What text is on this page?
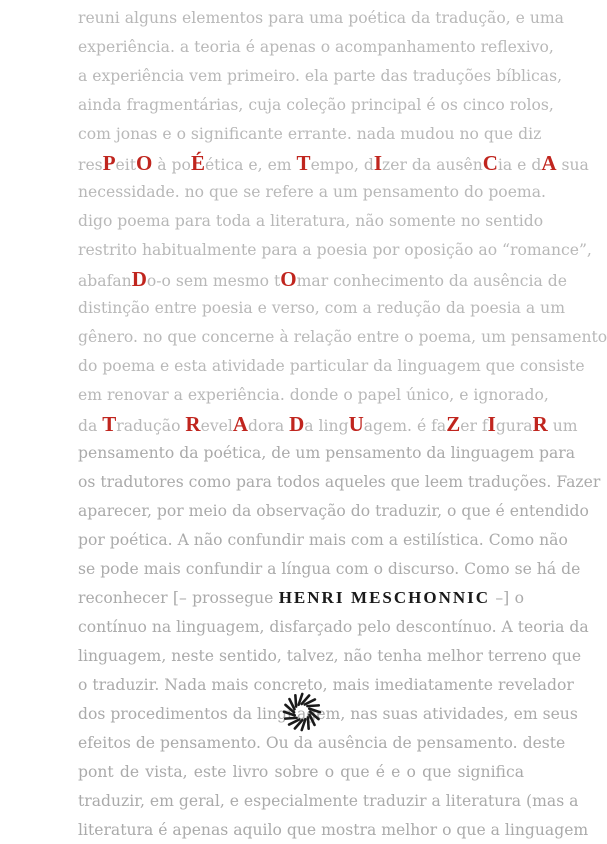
reuni alguns elementos para uma poética da tradução, e uma
experiência. a teoria é apenas o acompanhamento reflexivo,
a experiência vem primeiro. ela parte das traduções bíblicas,
ainda fragmentárias, cuja coleção principal é os cinco rolos,
com jonas e o significante errante. nada mudou no que diz
resPeitO à poÉética e, em Tempo, dIzer da ausênCia e dA sua
necessidade. no que se refere a um pensamento do poema.
digo poema para toda a literatura, não somente no sentido
restrito habitualmente para a poesia por oposição ao “romance”,
abafanDo-o sem mesmo tOmar conhecimento da ausência de
distinção entre poesia e verso, com a redução da poesia a um
gênero. no que concerne à relação entre o poema, um pensamento
do poema e esta atividade particular da linguagem que consiste
em renovar a experiência. donde o papel único, e ignorado,
da Tradução RevelAdora Da lingUagem. é faZer fIguraR um
pensamento da poética, de um pensamento da linguagem para
os tradutores como para todos aqueles que leem traduções. Fazer
aparecer, por meio da observação do traduzir, o que é entendido
por poética. A não confundir mais com a estilística. Como não
se pode mais confundir a língua com o discurso. Como se há de
reconhecer [– prossegue HENRI MESCHONNIC –] o
contínuo na linguagem, disfarçado pelo descontínuo. A teoria da
linguagem, neste sentido, talvez, não tenha melhor terreno que
o traduzir. Nada mais concreto, mais imediatamente revelador
dos procedimentos da linguagem, nas suas atividades, em seus
efeitos de pensamento. Ou da ausência de pensamento. deste
pont de vista, este livro sobre o que é e o que significa
traduzir, em geral, e especialmente traduzir a literatura (mas a
literatura é apenas aquilo que mostra melhor o que a linguagem
